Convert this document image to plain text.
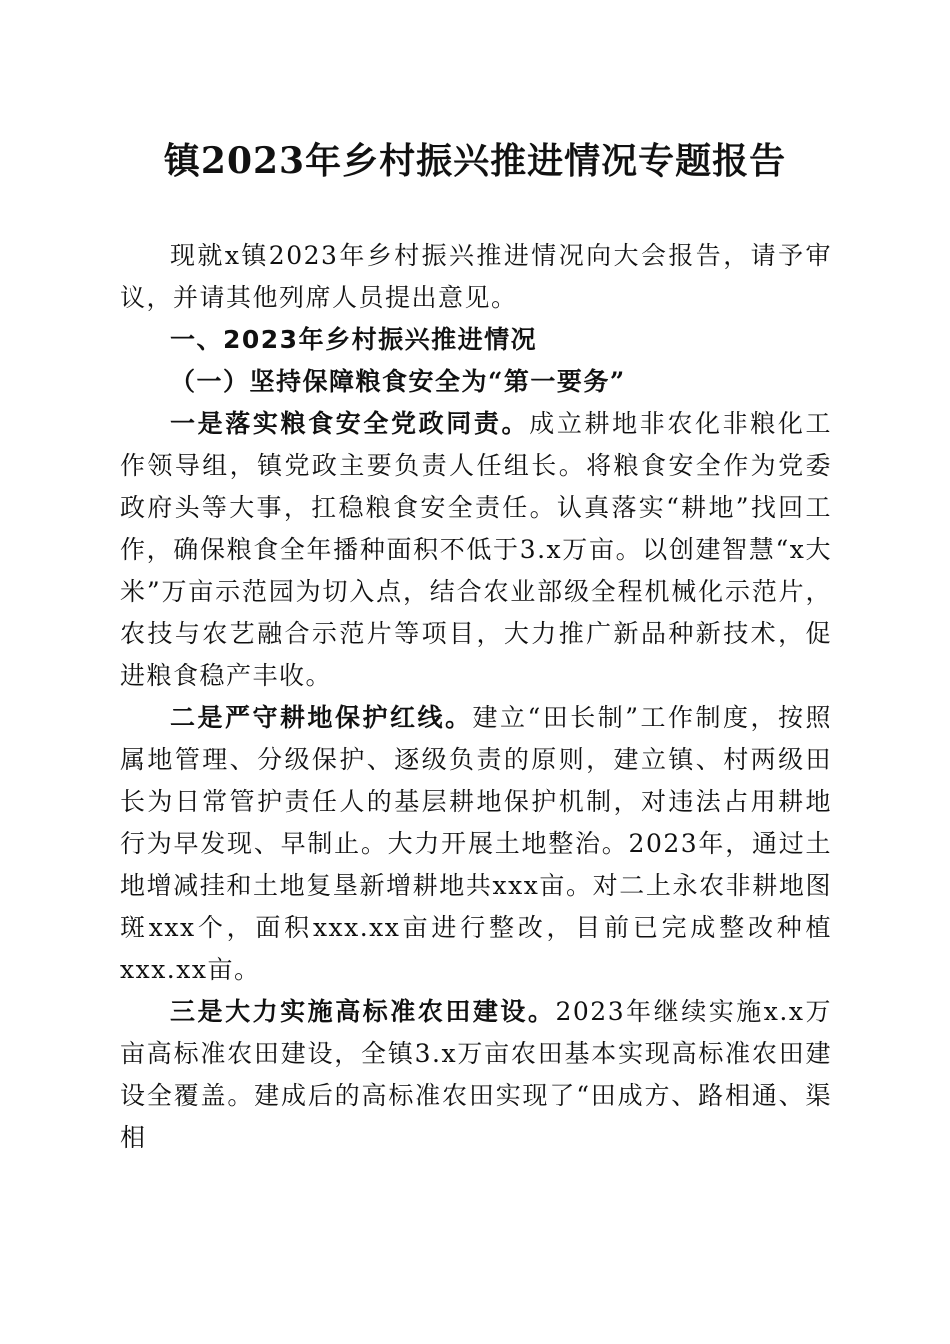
镇2023年乡村振兴推进情况专题报告

现就x镇2023年乡村振兴推进情况向大会报告，请予审议，并请其他列席人员提出意见。

一、2023年乡村振兴推进情况

（一）坚持保障粮食安全为“第一要务”

一是落实粮食安全党政同责。成立耕地非农化非粮化工作领导组，镇党政主要负责人任组长。将粮食安全作为党委政府头等大事，扛稳粮食安全责任。认真落实“耕地”找回工作，确保粮食全年播种面积不低于3.x万亩。以创建智慧“x大米”万亩示范园为切入点，结合农业部级全程机械化示范片，农技与农艺融合示范片等项目，大力推广新品种新技术，促进粮食稳产丰收。

二是严守耕地保护红线。建立“田长制”工作制度，按照属地管理、分级保护、逐级负责的原则，建立镇、村两级田长为日常管护责任人的基层耕地保护机制，对违法占用耕地行为早发现、早制止。大力开展土地整治。2023年，通过土地增减挂和土地复垦新增耕地共xxx亩。对二上永农非耕地图斑xxx个，面积xxx.xx亩进行整改，目前已完成整改种植xxx.xx亩。

三是大力实施高标准农田建设。2023年继续实施x.x万亩高标准农田建设，全镇3.x万亩农田基本实现高标准农田建设全覆盖。建成后的高标准农田实现了“田成方、路相通、渠相
